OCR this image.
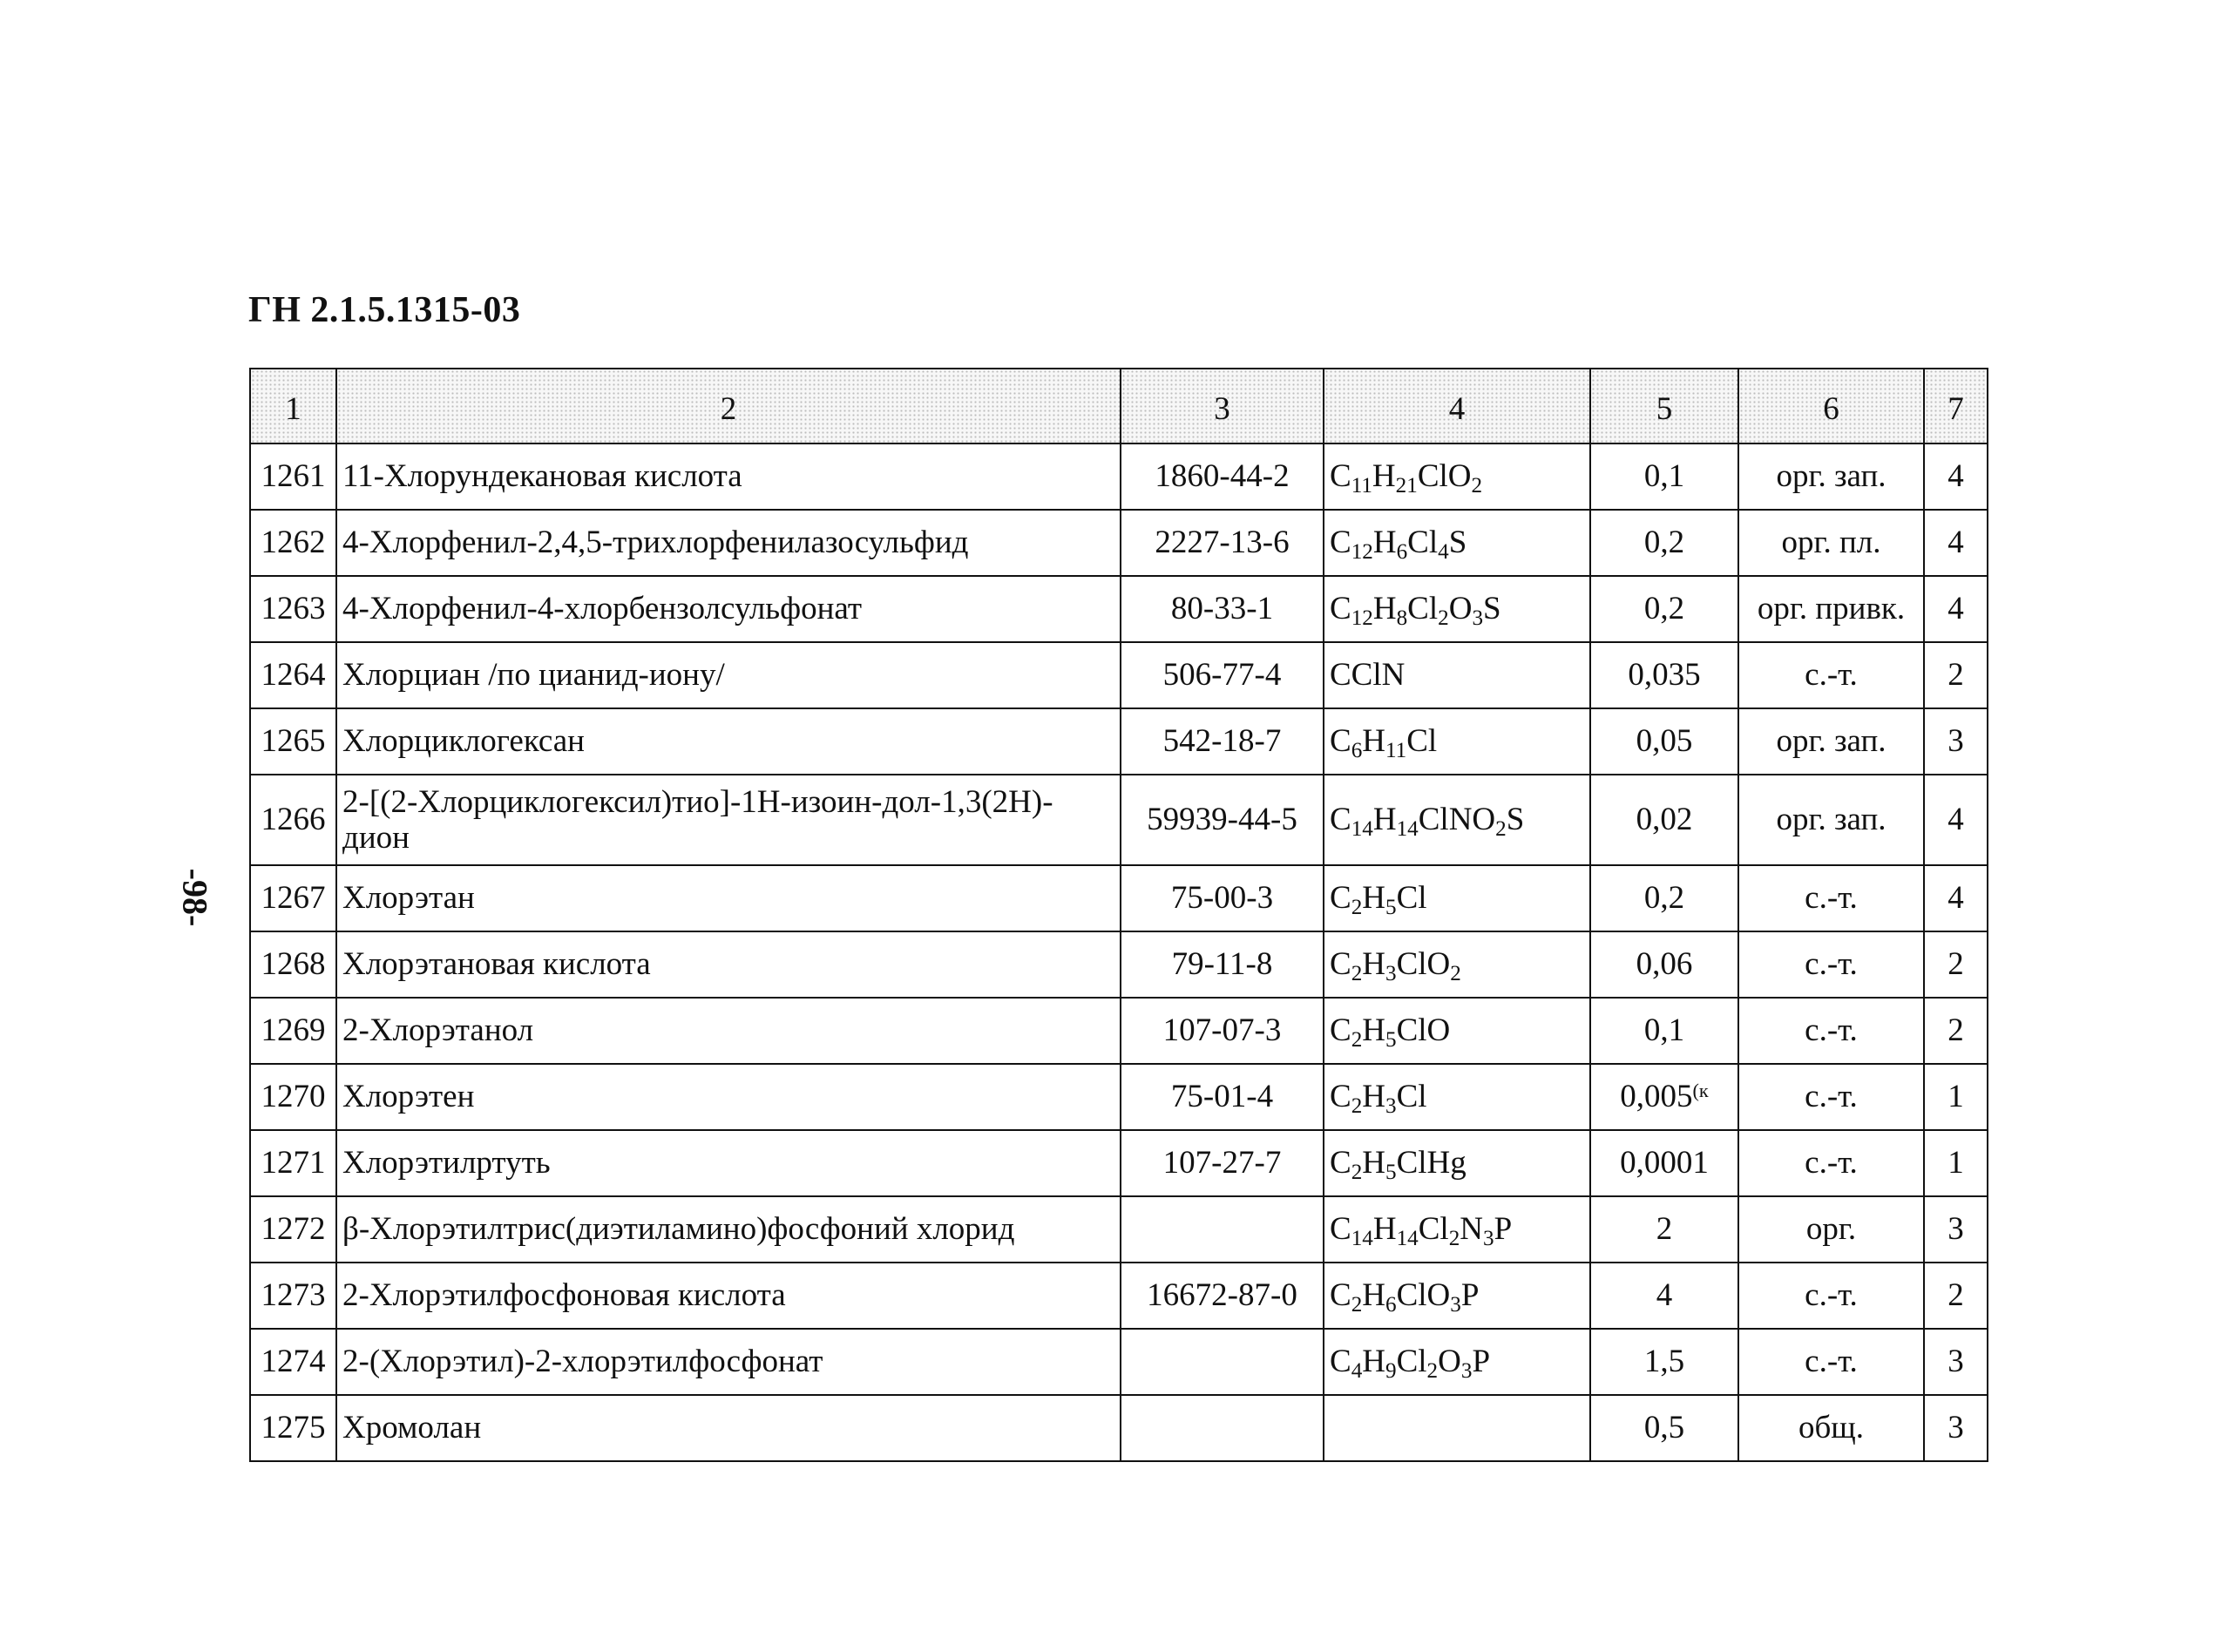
ГН 2.1.5.1315-03
-98-
1	2	3	4	5	6	7
1261	11-Хлорундекановая кислота	1860-44-2	$C_{11}H_{21}ClO_2$	0,1	орг. зап.	4
1262	4-Хлорфенил-2,4,5-трихлорфенилазосульфид	2227-13-6	$C_{12}H_6Cl_4S$	0,2	орг. пл.	4
1263	4-Хлорфенил-4-хлорбензолсульфонат	80-33-1	$C_{12}H_8Cl_2O_3S$	0,2	орг. привк.	4
1264	Хлорциан /по цианид-иону/	506-77-4	CClN	0,035	с.-т.	2
1265	Хлорциклогексан	542-18-7	$C_6H_{11}Cl$	0,05	орг. зап.	3
1266	2-[(2-Хлорциклогексил)тио]-1H-изоин-дол-1,3(2H)-дион	59939-44-5	$C_{14}H_{14}ClNO_2S$	0,02	орг. зап.	4
1267	Хлорэтан	75-00-3	$C_2H_5Cl$	0,2	с.-т.	4
1268	Хлорэтановая кислота	79-11-8	$C_2H_3ClO_2$	0,06	с.-т.	2
1269	2-Хлорэтанол	107-07-3	$C_2H_5ClO$	0,1	с.-т.	2
1270	Хлорэтен	75-01-4	$C_2H_3Cl$	$0,005^{(к}$	с.-т.	1
1271	Хлорэтилртуть	107-27-7	$C_2H_5ClHg$	0,0001	с.-т.	1
1272	β-Хлорэтилтрис(диэтиламино)фосфоний хлорид		$C_{14}H_{14}Cl_2N_3P$	2	орг.	3
1273	2-Хлорэтилфосфоновая кислота	16672-87-0	$C_2H_6ClO_3P$	4	с.-т.	2
1274	2-(Хлорэтил)-2-хлорэтилфосфонат		$C_4H_9Cl_2O_3P$	1,5	с.-т.	3
1275	Хромолан			0,5	общ.	3
